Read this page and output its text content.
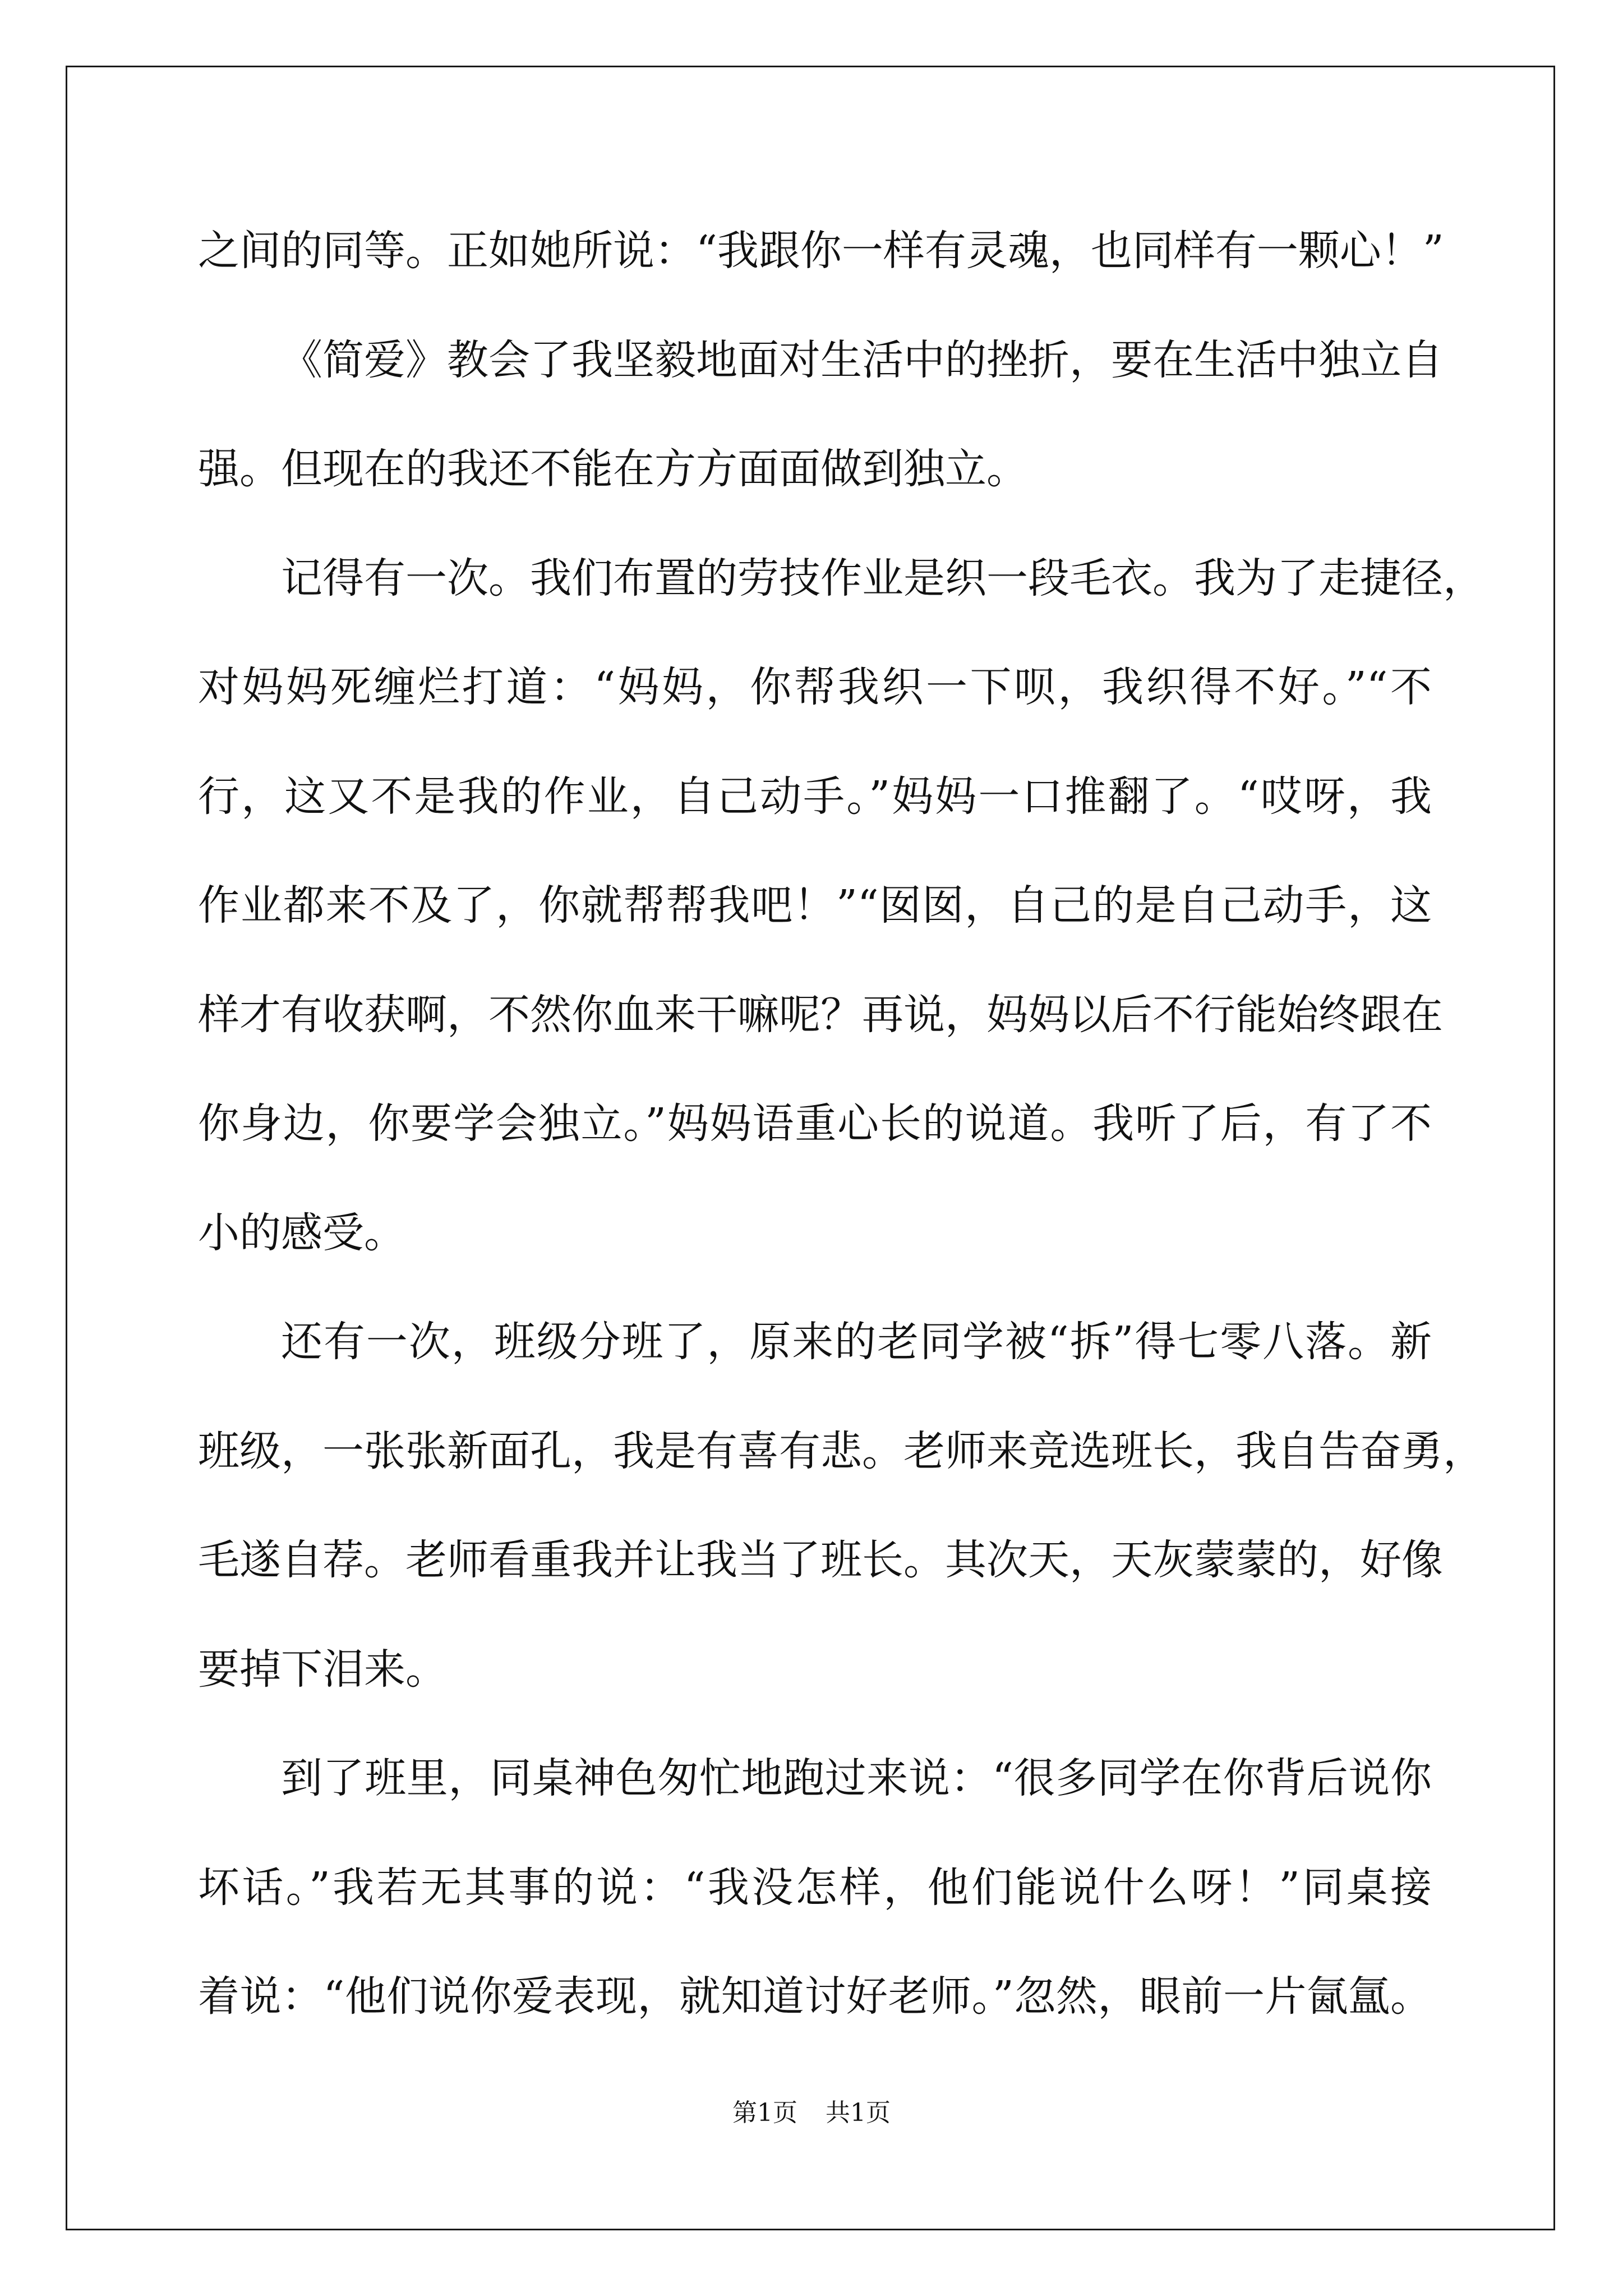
之间的同等。正如她所说：“我跟你一样有灵魂，也同样有一颗心！”
《简爱》教会了我坚毅地面对生活中的挫折，要在生活中独立自
强。但现在的我还不能在方方面面做到独立。
记得有一次。我们布置的劳技作业是织一段毛衣。我为了走捷径，
对妈妈死缠烂打道：“妈妈，你帮我织一下呗，我织得不好。”“不
行，这又不是我的作业，自己动手。”妈妈一口推翻了。“哎呀，我
作业都来不及了，你就帮帮我吧！”“囡囡，自己的是自己动手，这
样才有收获啊，不然你血来干嘛呢？再说，妈妈以后不行能始终跟在
你身边，你要学会独立。”妈妈语重心长的说道。我听了后，有了不
小的感受。
还有一次，班级分班了，原来的老同学被“拆”得七零八落。新
班级，一张张新面孔，我是有喜有悲。老师来竞选班长，我自告奋勇，
毛遂自荐。老师看重我并让我当了班长。其次天，天灰蒙蒙的，好像
要掉下泪来。
到了班里，同桌神色匆忙地跑过来说：“很多同学在你背后说你
坏话。”我若无其事的说：“我没怎样，他们能说什么呀！”同桌接
着说：“他们说你爱表现，就知道讨好老师。”忽然，眼前一片氤氲。
第1页 共1页
